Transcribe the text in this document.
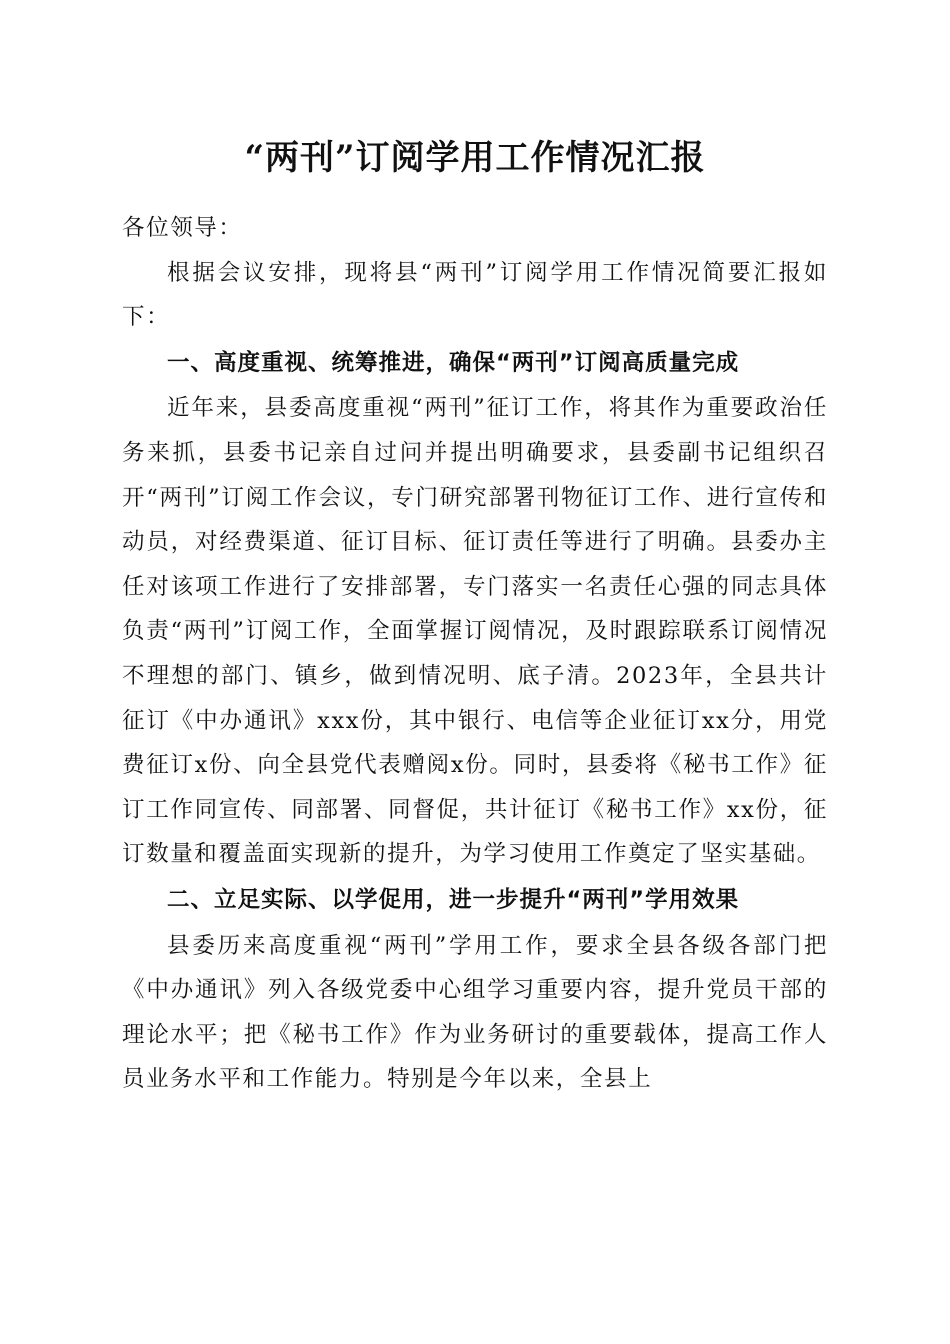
“两刊”订阅学用工作情况汇报

各位领导：

根据会议安排，现将县“两刊”订阅学用工作情况简要汇报如下：

一、高度重视、统筹推进，确保“两刊”订阅高质量完成

近年来，县委高度重视“两刊”征订工作，将其作为重要政治任务来抓，县委书记亲自过问并提出明确要求，县委副书记组织召开“两刊”订阅工作会议，专门研究部署刊物征订工作、进行宣传和动员，对经费渠道、征订目标、征订责任等进行了明确。县委办主任对该项工作进行了安排部署，专门落实一名责任心强的同志具体负责“两刊”订阅工作，全面掌握订阅情况，及时跟踪联系订阅情况不理想的部门、镇乡，做到情况明、底子清。2023年，全县共计征订《中办通讯》xxx份，其中银行、电信等企业征订xx分，用党费征订x份、向全县党代表赠阅x份。同时，县委将《秘书工作》征订工作同宣传、同部署、同督促，共计征订《秘书工作》xx份，征订数量和覆盖面实现新的提升，为学习使用工作奠定了坚实基础。

二、立足实际、以学促用，进一步提升“两刊”学用效果

县委历来高度重视“两刊”学用工作，要求全县各级各部门把《中办通讯》列入各级党委中心组学习重要内容，提升党员干部的理论水平；把《秘书工作》作为业务研讨的重要载体，提高工作人员业务水平和工作能力。特别是今年以来，全县上
